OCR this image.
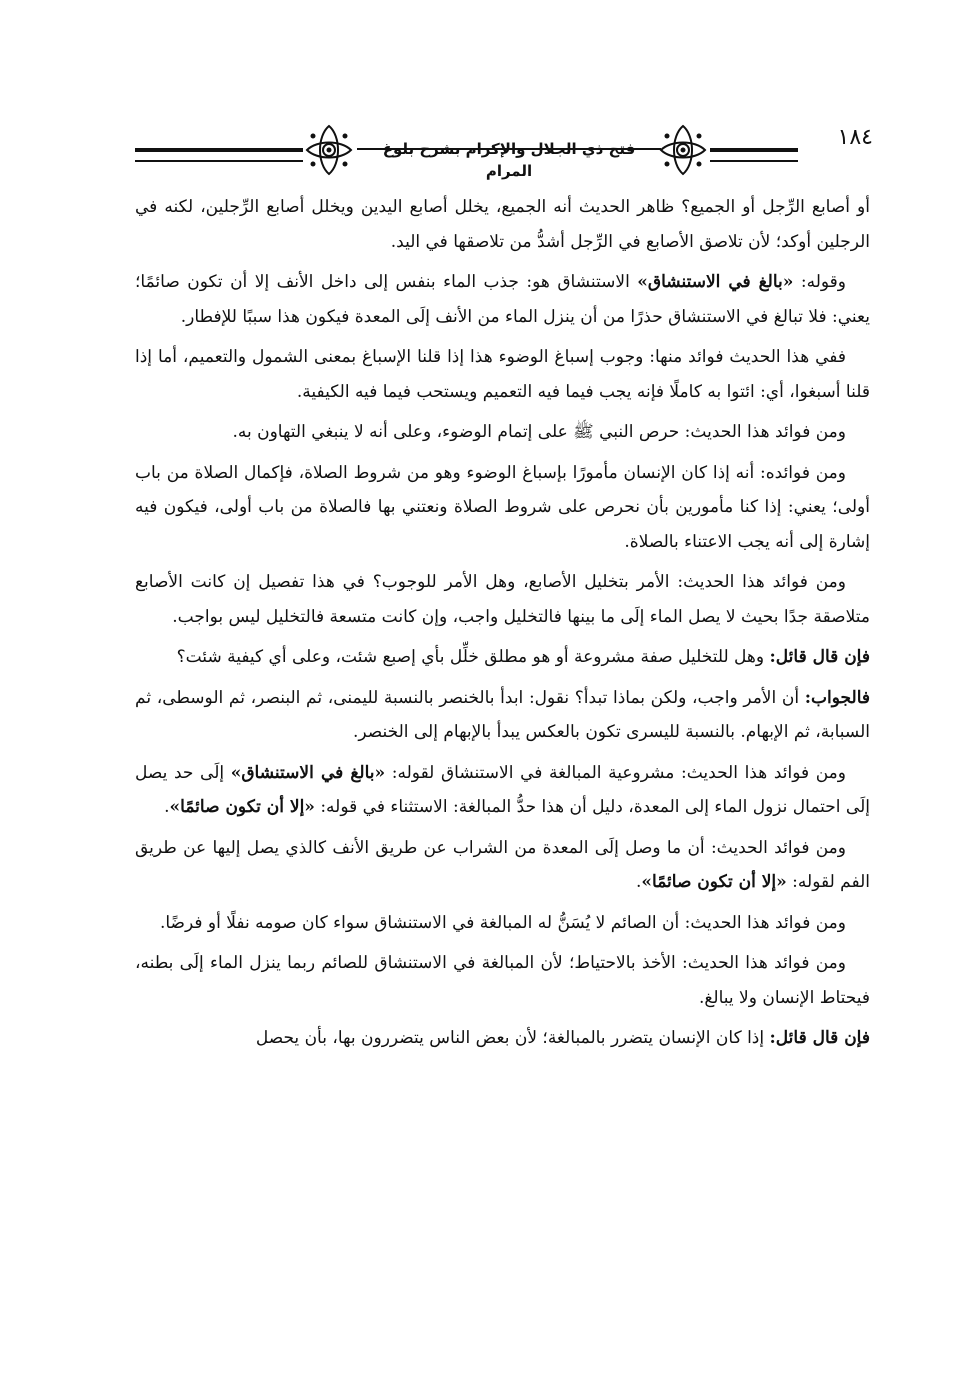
فتح ذي الجلال والإكرام بشرح بلوغ المرام
١٨٤

أو أصابع الرِّجل أو الجميع؟ ظاهر الحديث أنه الجميع، يخلل أصابع اليدين ويخلل أصابع الرِّجلين، لكنه في الرجلين أوكد؛ لأن تلاصق الأصابع في الرِّجل أشدُّ من تلاصقها في اليد.

وقوله: «بالغ في الاستنشاق» الاستنشاق هو: جذب الماء بنفس إلى داخل الأنف إلا أن تكون صائمًا؛ يعني: فلا تبالغ في الاستنشاق حذرًا من أن ينزل الماء من الأنف إلَى المعدة فيكون هذا سببًا للإفطار.

ففي هذا الحديث فوائد منها: وجوب إسباغ الوضوء هذا إذا قلنا الإسباغ بمعنى الشمول والتعميم، أما إذا قلنا أسبغوا، أي: ائتوا به كاملًا فإنه يجب فيما فيه التعميم ويستحب فيما فيه الكيفية.

ومن فوائد هذا الحديث: حرص النبي ﷺ على إتمام الوضوء، وعلى أنه لا ينبغي التهاون به.

ومن فوائده: أنه إذا كان الإنسان مأمورًا بإسباغ الوضوء وهو من شروط الصلاة، فإكمال الصلاة من باب أولى؛ يعني: إذا كنا مأمورين بأن نحرص على شروط الصلاة ونعتني بها فالصلاة من باب أولى، فيكون فيه إشارة إلى أنه يجب الاعتناء بالصلاة.

ومن فوائد هذا الحديث: الأمر بتخليل الأصابع، وهل الأمر للوجوب؟ في هذا تفصيل إن كانت الأصابع متلاصقة جدًا بحيث لا يصل الماء إلَى ما بينها فالتخليل واجب، وإن كانت متسعة فالتخليل ليس بواجب.

فإن قال قائل: وهل للتخليل صفة مشروعة أو هو مطلق خلِّل بأي إصبع شئت، وعلى أي كيفية شئت؟

فالجواب: أن الأمر واجب، ولكن بماذا تبدأ؟ نقول: ابدأ بالخنصر بالنسبة لليمنى، ثم البنصر، ثم الوسطى، ثم السبابة، ثم الإبهام. بالنسبة لليسرى تكون بالعكس يبدأ بالإبهام إلى الخنصر.

ومن فوائد هذا الحديث: مشروعية المبالغة في الاستنشاق لقوله: «بالغ في الاستنشاق» إلَى حد يصل إلَى احتمال نزول الماء إلى المعدة، دليل أن هذا حدُّ المبالغة: الاستثناء في قوله: «إلا أن تكون صائمًا».

ومن فوائد الحديث: أن ما وصل إلَى المعدة من الشراب عن طريق الأنف كالذي يصل إليها عن طريق الفم لقوله: «إلا أن تكون صائمًا».

ومن فوائد هذا الحديث: أن الصائم لا يُسَنُّ له المبالغة في الاستنشاق سواء كان صومه نفلًا أو فرضًا.

ومن فوائد هذا الحديث: الأخذ بالاحتياط؛ لأن المبالغة في الاستنشاق للصائم ربما ينزل الماء إلَى بطنه، فيحتاط الإنسان ولا يبالغ.

فإن قال قائل: إذا كان الإنسان يتضرر بالمبالغة؛ لأن بعض الناس يتضررون بها، بأن يحصل
